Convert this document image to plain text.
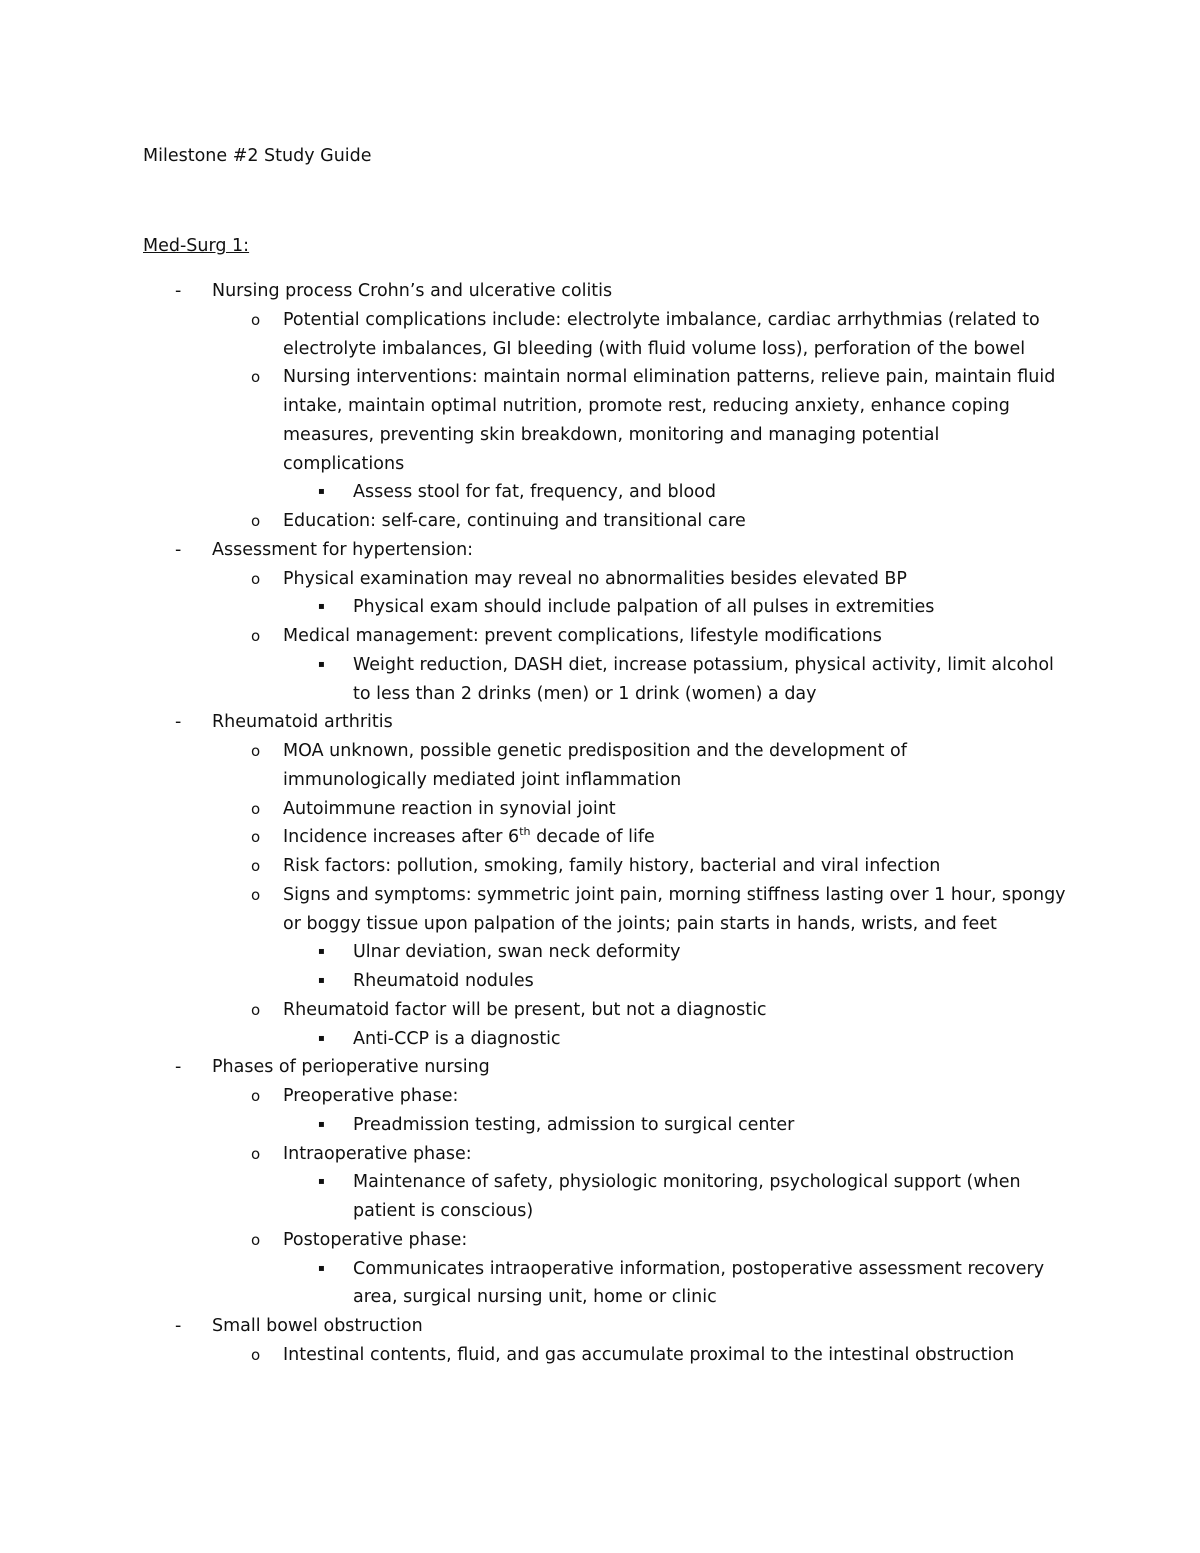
Milestone #2 Study Guide
Med-Surg 1:
- Nursing process Crohn’s and ulcerative colitis
o Potential complications include: electrolyte imbalance, cardiac arrhythmias (related to
electrolyte imbalances, GI bleeding (with fluid volume loss), perforation of the bowel
o Nursing interventions: maintain normal elimination patterns, relieve pain, maintain fluid
intake, maintain optimal nutrition, promote rest, reducing anxiety, enhance coping
measures, preventing skin breakdown, monitoring and managing potential
complications
▪ Assess stool for fat, frequency, and blood
o Education: self-care, continuing and transitional care
- Assessment for hypertension:
o Physical examination may reveal no abnormalities besides elevated BP
▪ Physical exam should include palpation of all pulses in extremities
o Medical management: prevent complications, lifestyle modifications
▪ Weight reduction, DASH diet, increase potassium, physical activity, limit alcohol
to less than 2 drinks (men) or 1 drink (women) a day
- Rheumatoid arthritis
o MOA unknown, possible genetic predisposition and the development of
immunologically mediated joint inflammation
o Autoimmune reaction in synovial joint
o Incidence increases after 6th decade of life
o Risk factors: pollution, smoking, family history, bacterial and viral infection
o Signs and symptoms: symmetric joint pain, morning stiffness lasting over 1 hour, spongy
or boggy tissue upon palpation of the joints; pain starts in hands, wrists, and feet
▪ Ulnar deviation, swan neck deformity
▪ Rheumatoid nodules
o Rheumatoid factor will be present, but not a diagnostic
▪ Anti-CCP is a diagnostic
- Phases of perioperative nursing
o Preoperative phase:
▪ Preadmission testing, admission to surgical center
o Intraoperative phase:
▪ Maintenance of safety, physiologic monitoring, psychological support (when
patient is conscious)
o Postoperative phase:
▪ Communicates intraoperative information, postoperative assessment recovery
area, surgical nursing unit, home or clinic
- Small bowel obstruction
o Intestinal contents, fluid, and gas accumulate proximal to the intestinal obstruction
